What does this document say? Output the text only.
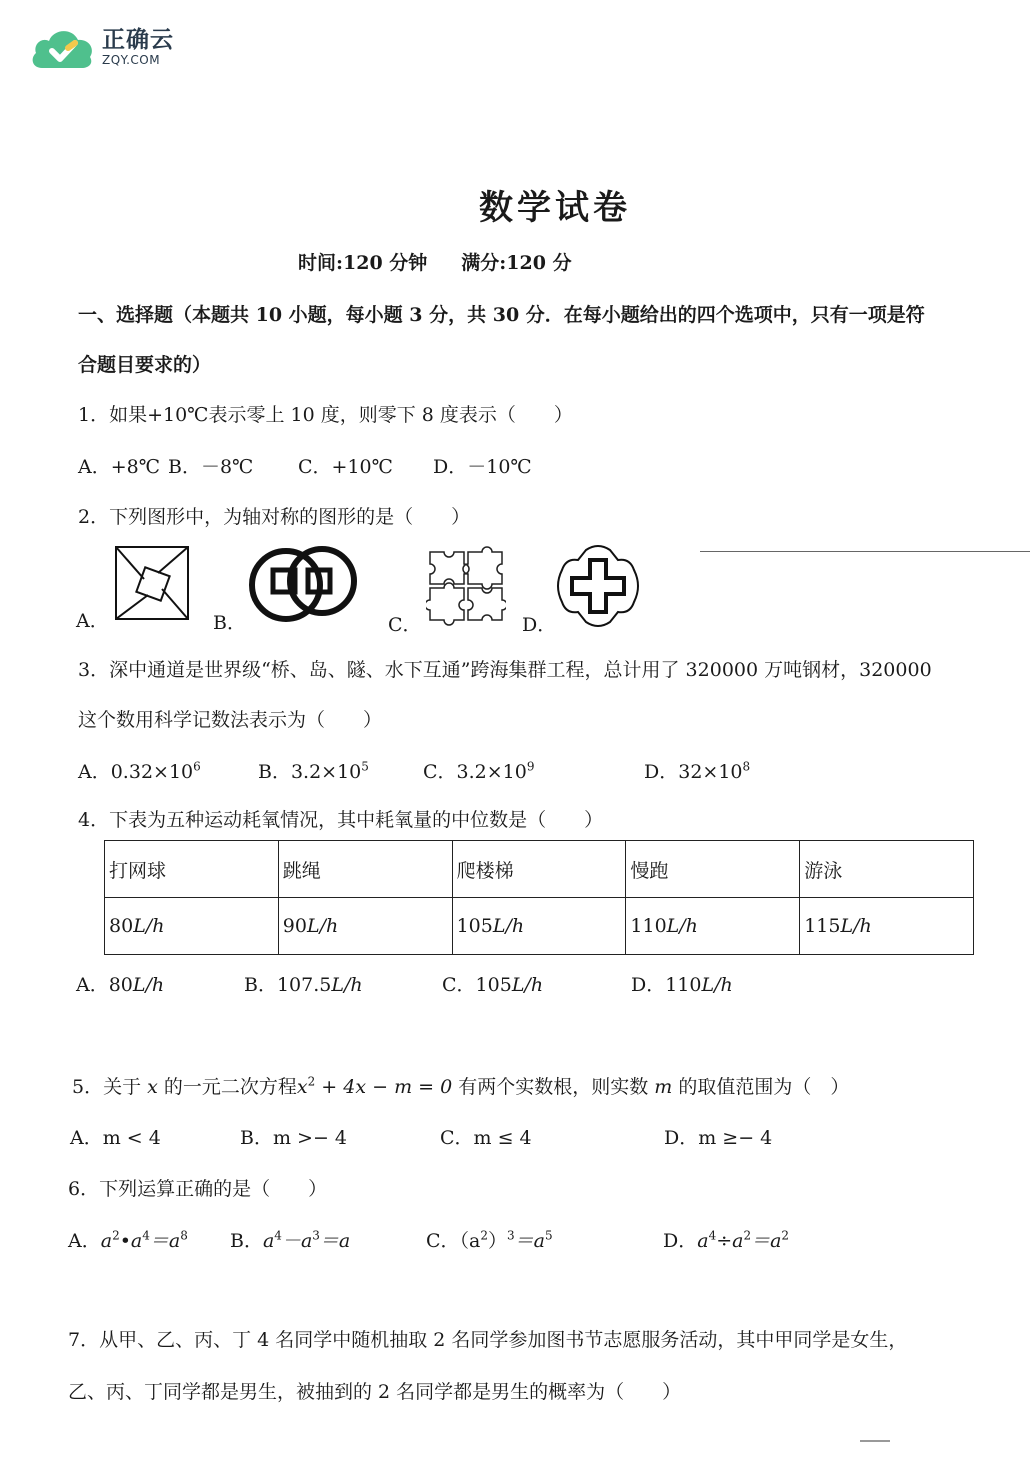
正确云
ZQY.COM
数学试卷
时间:120 分钟 满分:120 分
一、选择题（本题共 10 小题，每小题 3 分，共 30 分．在每小题给出的四个选项中，只有一项是符
合题目要求的）
1．如果+10℃表示零上 10 度，则零下 8 度表示（　　）
A．+8℃ B．－8℃ C．+10℃ D．－10℃
2．下列图形中，为轴对称的图形的是（　　）
A．	B．	C．	D．
3．深中通道是世界级“桥、岛、隧、水下互通”跨海集群工程，总计用了 320000 万吨钢材，320000
这个数用科学记数法表示为（　　）
A．$0.32\times 10^6$	B．$3.2\times 10^5$	C．$3.2\times 10^9$	D．$32\times 10^8$
4．下表为五种运动耗氧情况，其中耗氧量的中位数是（　　）
打网球	跳绳	爬楼梯	慢跑	游泳
80L/h	90L/h	105L/h	110L/h	115L/h
A．80L/h	B．107.5L/h	C．105L/h	D．110L/h
5．关于 x 的一元二次方程$x^2 + 4x - m = 0$ 有两个实数根，则实数 m 的取值范围为（　）
A．m < 4	B．m >− 4	C．m ≤ 4	D．m ≥− 4
6．下列运算正确的是（　　）
A．$a^2•a^4=a^8$ B．$a^4-a^3=a$	C．$(a^2)^3=a^5$	D．$a^4\div a^2=a^2$
7．从甲、乙、丙、丁 4 名同学中随机抽取 2 名同学参加图书节志愿服务活动，其中甲同学是女生，
乙、丙、丁同学都是男生，被抽到的 2 名同学都是男生的概率为（　　）
